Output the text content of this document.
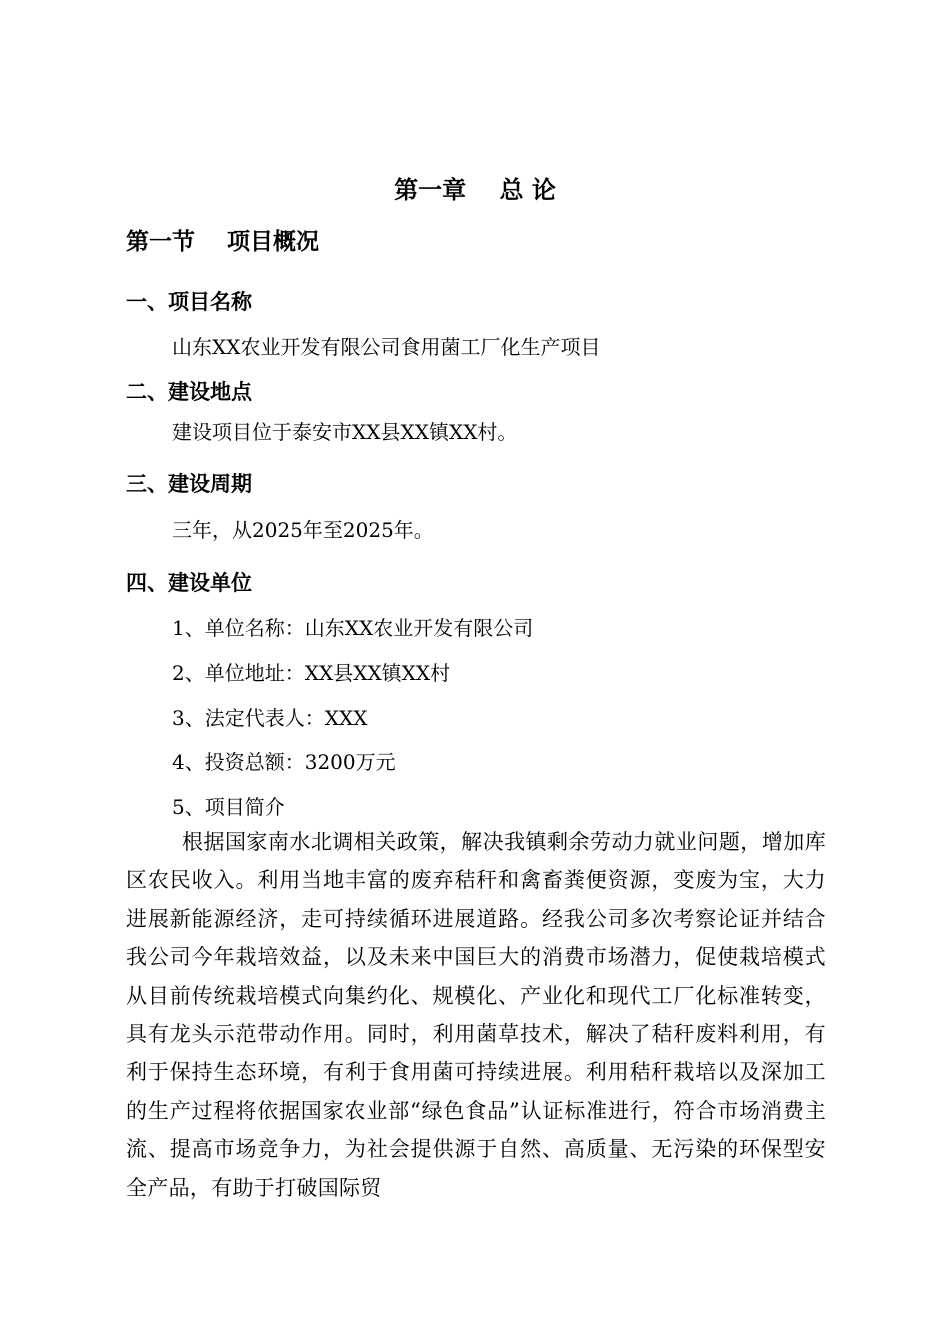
第一章    总 论
第一节    项目概况
一、项目名称
山东XX农业开发有限公司食用菌工厂化生产项目
二、建设地点
建设项目位于泰安市XX县XX镇XX村。
三、建设周期
三年，从2025年至2025年。
四、建设单位
1、单位名称：山东XX农业开发有限公司
2、单位地址：XX县XX镇XX村
3、法定代表人：XXX
4、投资总额：3200万元
5、项目简介
根据国家南水北调相关政策，解决我镇剩余劳动力就业问题，增加库区农民收入。利用当地丰富的废弃秸秆和禽畜粪便资源，变废为宝，大力进展新能源经济，走可持续循环进展道路。经我公司多次考察论证并结合我公司今年栽培效益，以及未来中国巨大的消费市场潜力，促使栽培模式从目前传统栽培模式向集约化、规模化、产业化和现代工厂化标准转变，具有龙头示范带动作用。同时，利用菌草技术，解决了秸秆废料利用，有利于保持生态环境，有利于食用菌可持续进展。利用秸秆栽培以及深加工的生产过程将依据国家农业部“绿色食品”认证标准进行，符合市场消费主流、提高市场竞争力，为社会提供源于自然、高质量、无污染的环保型安全产品，有助于打破国际贸
